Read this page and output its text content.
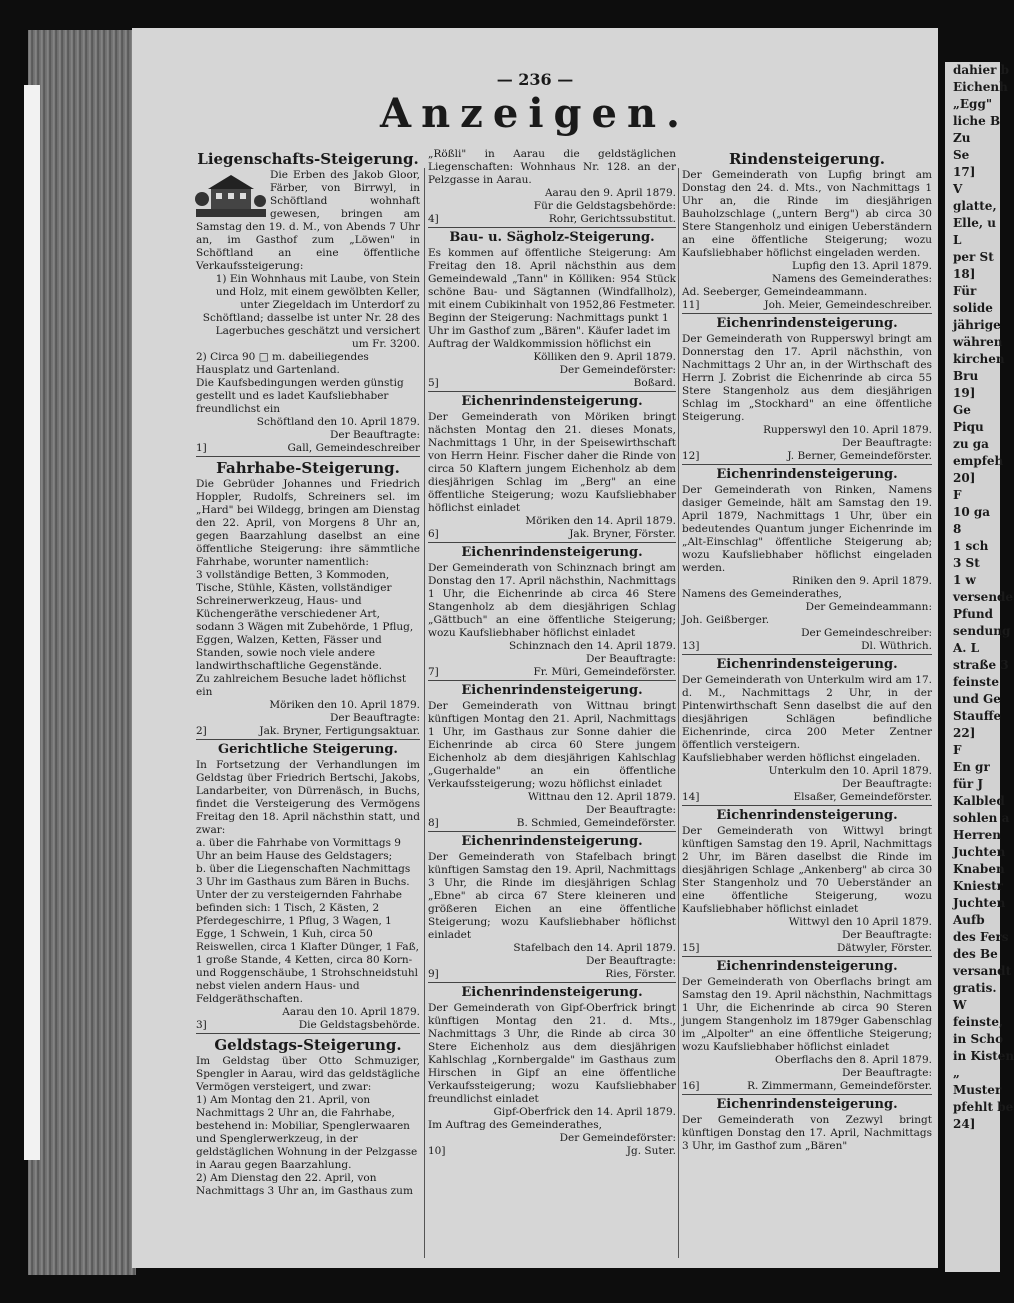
— 236 —
Anzeigen.
Liegenschafts-Steigerung.

Die Erben des Jakob Gloor, Färber, von Birrwyl, in Schöftland wohnhaft gewesen, bringen am Samstag den 19. d. M., von Abends 7 Uhr an, im Gasthof zum „Löwen" in Schöftland an eine öffentliche Verkaufssteigerung:

1) Ein Wohnhaus mit Laube, von Stein und Holz, mit einem gewölbten Keller, unter Ziegeldach im Unterdorf zu Schöftland; dasselbe ist unter Nr. 28 des Lagerbuches geschätzt und versichert um Fr. 3200.
2) Circa 90 □ m. dabeiliegendes Hausplatz und Gartenland.
Die Kaufsbedingungen werden günstig gestellt und es ladet Kaufsliebhaber freundlichst ein
Schöftland den 10. April 1879.
Der Beauftragte:
1]	Gall, Gemeindeschreiber
Fahrhabe-Steigerung.

Die Gebrüder Johannes und Friedrich Hoppler, Rudolfs, Schreiners sel. im „Hard" bei Wildegg, bringen am Dienstag den 22. April, von Morgens 8 Uhr an, gegen Baarzahlung daselbst an eine öffentliche Steigerung: ihre sämmtliche Fahrhabe, worunter namentlich:

3 vollständige Betten, 3 Kommoden, Tische, Stühle, Kästen, vollständiger Schreinerwerkzeug, Haus- und Küchengeräthe verschiedener Art, sodann 3 Wägen mit Zubehörde, 1 Pflug, Eggen, Walzen, Ketten, Fässer und Standen, sowie noch viele andere landwirthschaftliche Gegenstände.
Zu zahlreichem Besuche ladet höflichst ein
Möriken den 10. April 1879.
Der Beauftragte:
2]	Jak. Bryner, Fertigungsaktuar.
Gerichtliche Steigerung.

In Fortsetzung der Verhandlungen im Geldstag über Friedrich Bertschi, Jakobs, Landarbeiter, von Dürrenäsch, in Buchs, findet die Versteigerung des Vermögens Freitag den 18. April nächsthin statt, und zwar:

a. über die Fahrhabe von Vormittags 9 Uhr an beim Hause des Geldstagers;
b. über die Liegenschaften Nachmittags 3 Uhr im Gasthaus zum Bären in Buchs.
Unter der zu versteigernden Fahrhabe befinden sich: 1 Tisch, 2 Kästen, 2 Pferdegeschirre, 1 Pflug, 3 Wagen, 1 Egge, 1 Schwein, 1 Kuh, circa 50 Reiswellen, circa 1 Klafter Dünger, 1 Faß, 1 große Stande, 4 Ketten, circa 80 Korn- und Roggenschäube, 1 Strohschneidstuhl nebst vielen andern Haus- und Feldgeräthschaften.
Aarau den 10. April 1879.
3]	Die Geldstagsbehörde.
Geldstags-Steigerung.

Im Geldstag über Otto Schmuziger, Spengler in Aarau, wird das geldstägliche Vermögen versteigert, und zwar:

1) Am Montag den 21. April, von Nachmittags 2 Uhr an, die Fahrhabe, bestehend in: Mobiliar, Spenglerwaaren und Spenglerwerkzeug, in der geldstäglichen Wohnung in der Pelzgasse in Aarau gegen Baarzahlung.
2) Am Dienstag den 22. April, von Nachmittags 3 Uhr an, im Gasthaus zum

„Rößli" in Aarau die geldstäglichen Liegenschaften: Wohnhaus Nr. 128. an der Pelzgasse in Aarau.

Aarau den 9. April 1879.
Für die Geldstagsbehörde:
4]	Rohr, Gerichtssubstitut.
Bau- u. Sägholz-Steigerung.

Es kommen auf öffentliche Steigerung: Am Freitag den 18. April nächsthin aus dem Gemeindewald „Tann" in Kölliken: 954 Stück schöne Bau- und Sägtannen (Windfallholz), mit einem Cubikinhalt von 1952,86 Festmeter.

Beginn der Steigerung: Nachmittags punkt 1 Uhr im Gasthof zum „Bären". Käufer ladet im Auftrag der Waldkommission höflichst ein
Kölliken den 9. April 1879.
Der Gemeindeförster:
5]	Boßard.
Eichenrindensteigerung.

Der Gemeinderath von Möriken bringt nächsten Montag den 21. dieses Monats, Nachmittags 1 Uhr, in der Speisewirthschaft von Herrn Heinr. Fischer daher die Rinde von circa 50 Klaftern jungem Eichenholz ab dem diesjährigen Schlag im „Berg" an eine öffentliche Steigerung; wozu Kaufsliebhaber höflichst einladet

Möriken den 14. April 1879.
6]	Jak. Bryner, Förster.
Eichenrindensteigerung.

Der Gemeinderath von Schinznach bringt am Donstag den 17. April nächsthin, Nachmittags 1 Uhr, die Eichenrinde ab circa 46 Stere Stangenholz ab dem diesjährigen Schlag „Gättbuch" an eine öffentliche Steigerung; wozu Kaufsliebhaber höflichst einladet

Schinznach den 14. April 1879.
Der Beauftragte:
7]	Fr. Müri, Gemeindeförster.
Eichenrindensteigerung.

Der Gemeinderath von Wittnau bringt künftigen Montag den 21. April, Nachmittags 1 Uhr, im Gasthaus zur Sonne dahier die Eichenrinde ab circa 60 Stere jungem Eichenholz ab dem diesjährigen Kahlschlag „Gugerhalde" an ein öffentliche Verkaufssteigerung; wozu höflichst einladet

Wittnau den 12. April 1879.
Der Beauftragte:
8]	B. Schmied, Gemeindeförster.
Eichenrindensteigerung.

Der Gemeinderath von Stafelbach bringt künftigen Samstag den 19. April, Nachmittags 3 Uhr, die Rinde im diesjährigen Schlag „Ebne" ab circa 67 Stere kleineren und größeren Eichen an eine öffentliche Steigerung; wozu Kaufsliebhaber höflichst einladet

Stafelbach den 14. April 1879.
Der Beauftragte:
9]	Ries, Förster.
Eichenrindensteigerung.

Der Gemeinderath von Gipf-Oberfrick bringt künftigen Montag den 21. d. Mts., Nachmittags 3 Uhr, die Rinde ab circa 30 Stere Eichenholz aus dem diesjährigen Kahlschlag „Kornbergalde" im Gasthaus zum Hirschen in Gipf an eine öffentliche Verkaufssteigerung; wozu Kaufsliebhaber freundlichst einladet

Gipf-Oberfrick den 14. April 1879.
Im Auftrag des Gemeinderathes,
Der Gemeindeförster:
10]	Jg. Suter.
Rindensteigerung.

Der Gemeinderath von Lupfig bringt am Donstag den 24. d. Mts., von Nachmittags 1 Uhr an, die Rinde im diesjährigen Bauholzschlage („untern Berg") ab circa 30 Stere Stangenholz und einigen Ueberständern an eine öffentliche Steigerung; wozu Kaufsliebhaber höflichst eingeladen werden.

Lupfig den 13. April 1879.
Namens des Gemeinderathes:
Ad. Seeberger, Gemeindeammann.
11]	Joh. Meier, Gemeindeschreiber.
Eichenrindensteigerung.

Der Gemeinderath von Rupperswyl bringt am Donnerstag den 17. April nächsthin, von Nachmittags 2 Uhr an, in der Wirthschaft des Herrn J. Zobrist die Eichenrinde ab circa 55 Stere Stangenholz aus dem diesjährigen Schlag im „Stockhard" an eine öffentliche Steigerung.

Rupperswyl den 10. April 1879.
Der Beauftragte:
12]	J. Berner, Gemeindeförster.
Eichenrindensteigerung.

Der Gemeinderath von Rinken, Namens dasiger Gemeinde, hält am Samstag den 19. April 1879, Nachmittags 1 Uhr, über ein bedeutendes Quantum junger Eichenrinde im „Alt-Einschlag" öffentliche Steigerung ab; wozu Kaufsliebhaber höflichst eingeladen werden.

Riniken den 9. April 1879.
Namens des Gemeinderathes,
Der Gemeindeammann:
Joh. Geißberger.
Der Gemeindeschreiber:
13]	Dl. Wüthrich.
Eichenrindensteigerung.

Der Gemeinderath von Unterkulm wird am 17. d. M., Nachmittags 2 Uhr, in der Pintenwirthschaft Senn daselbst die auf den diesjährigen Schlägen befindliche Eichenrinde, circa 200 Meter Zentner öffentlich versteigern.

Kaufsliebhaber werden höflichst eingeladen.
Unterkulm den 10. April 1879.
Der Beauftragte:
14]	Elsaßer, Gemeindeförster.
Eichenrindensteigerung.

Der Gemeinderath von Wittwyl bringt künftigen Samstag den 19. April, Nachmittags 2 Uhr, im Bären daselbst die Rinde im diesjährigen Schlage „Ankenberg" ab circa 30 Ster Stangenholz und 70 Ueberständer an eine öffentliche Steigerung, wozu Kaufsliebhaber höflichst einladet

Wittwyl den 10 April 1879.
Der Beauftragte:
15]	Dätwyler, Förster.
Eichenrindensteigerung.

Der Gemeinderath von Oberflachs bringt am Samstag den 19. April nächsthin, Nachmittags 1 Uhr, die Eichenrinde ab circa 90 Steren jungem Stangenholz im 1879ger Gabenschlag im „Alpolter" an eine öffentliche Steigerung; wozu Kaufsliebhaber höflichst einladet

Oberflachs den 8. April 1879.
Der Beauftragte:
16]	R. Zimmermann, Gemeindeförster.
Eichenrindensteigerung.

Der Gemeinderath von Zezwyl bringt künftigen Donstag den 17. April, Nachmittags 3 Uhr, im Gasthof zum „Bären"

dahier b
Eichenh
„Egg"
liche B
Zu
Se
17]
V
glatte,
Elle, u
L
per St
18]
Für
solide
jährige
währen
kirchen
Bru
19]
Ge
Piqu
zu ga
empfeh
20]
F
10 ga
8
1 sch
3 St
1 w
versende
Pfund
sendung
A. L
straße 3
feinste
und Ge
Stauffe
22]
F
En gr
für J
Kalbled
sohlen a
Herren
Juchten
Knaben
Kniestr
Juchten
Aufb
des Fers
des Be
versandt
gratis.
W
feinste,
in Scho
in Kisten
„
Muster
pfehlt be
24]
